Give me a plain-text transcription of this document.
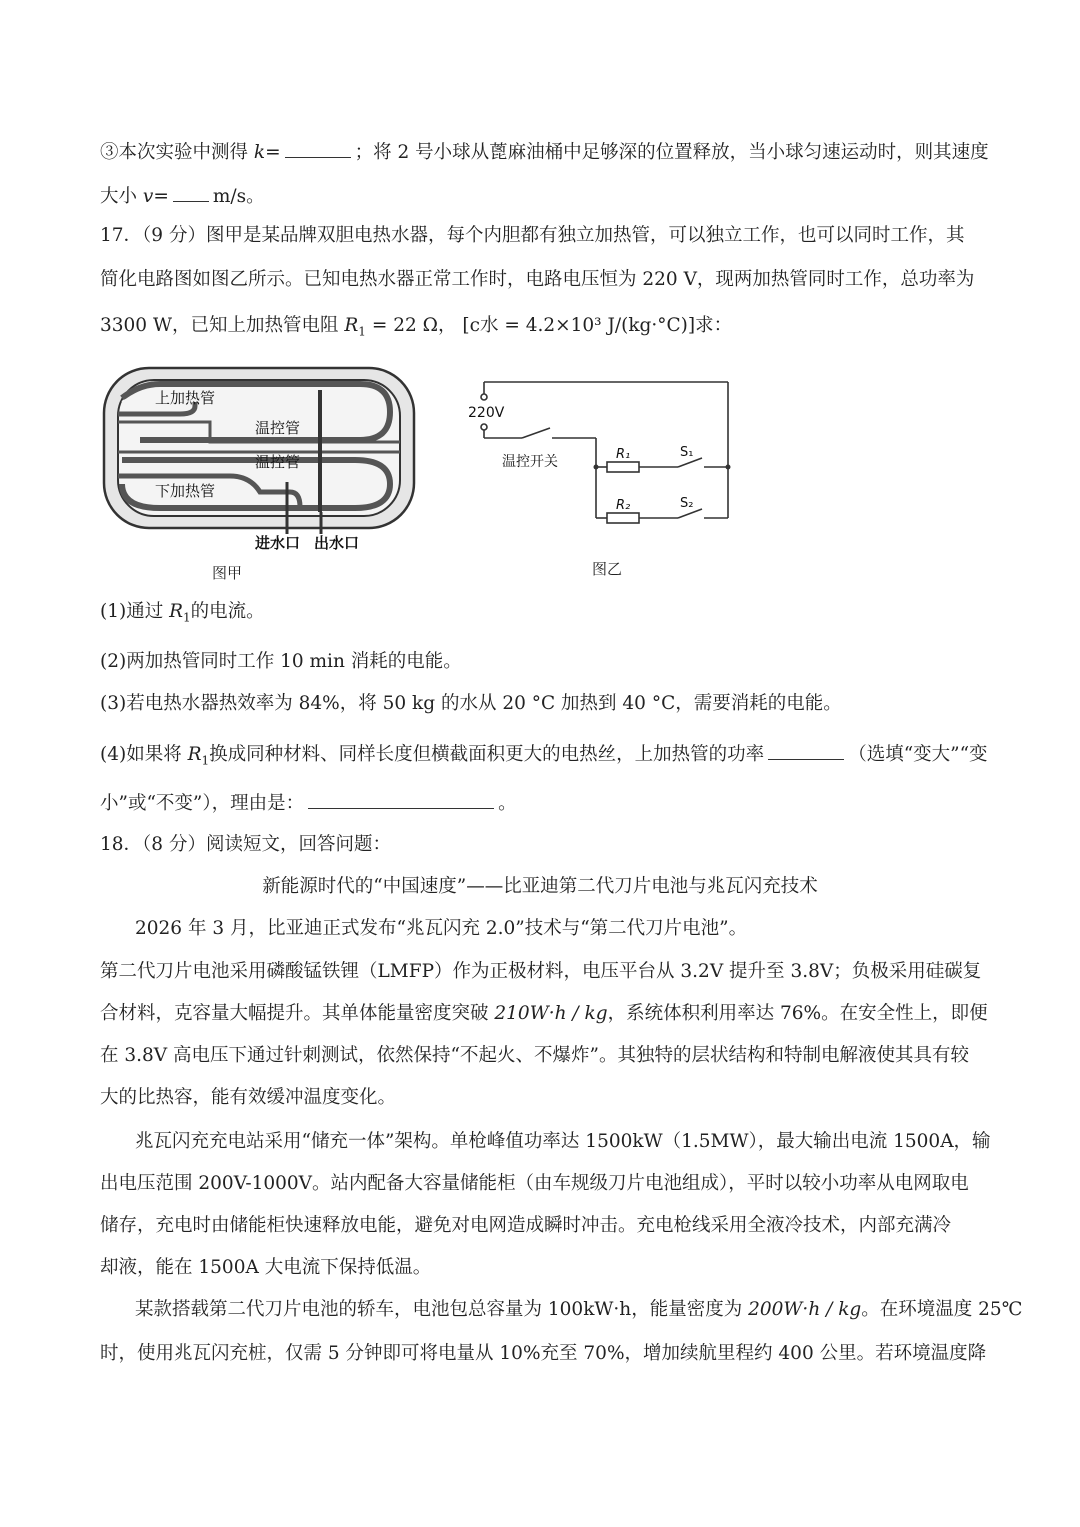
③本次实验中测得 k=	；将 2 号小球从蓖麻油桶中足够深的位置释放，当小球匀速运动时，则其速度
大小 v= m/s。
17．（9 分）图甲是某品牌双胆电热水器，每个内胆都有独立加热管，可以独立工作，也可以同时工作，其
简化电路图如图乙所示。已知电热水器正常工作时，电路电压恒为 220 V，现两加热管同时工作，总功率为
3300 W，已知上加热管电阻 $R_1 = 22$ Ω， [c水 = 4.2×10³ J/(kg·°C)]求：
上加热管
温控管
温控管
下加热管
进水口 出水口
图甲
220V
温控开关	R₁	S₁
R₂	S₂
图乙
(1)通过 $R_1$的电流。
(2)两加热管同时工作 10 min 消耗的电能。
(3)若电热水器热效率为 84%，将 50 kg 的水从 20 °C 加热到 40 °C，需要消耗的电能。
(4)如果将 $R_1$换成同种材料、同样长度但横截面积更大的电热丝，上加热管的功率	（选填“变大”“变
小”或“不变”），理由是：	。
18．（8 分）阅读短文，回答问题：
新能源时代的“中国速度”——比亚迪第二代刀片电池与兆瓦闪充技术
2026 年 3 月，比亚迪正式发布“兆瓦闪充 2.0”技术与“第二代刀片电池”。
第二代刀片电池采用磷酸锰铁锂（LMFP）作为正极材料，电压平台从 3.2V 提升至 3.8V；负极采用硅碳复
合材料，克容量大幅提升。其单体能量密度突破 210W·h / kg，系统体积利用率达 76%。在安全性上，即便
在 3.8V 高电压下通过针刺测试，依然保持“不起火、不爆炸”。其独特的层状结构和特制电解液使其具有较
大的比热容，能有效缓冲温度变化。
兆瓦闪充充电站采用“储充一体”架构。单枪峰值功率达 1500kW（1.5MW），最大输出电流 1500A，输
出电压范围 200V-1000V。站内配备大容量储能柜（由车规级刀片电池组成），平时以较小功率从电网取电
储存，充电时由储能柜快速释放电能，避免对电网造成瞬时冲击。充电枪线采用全液冷技术，内部充满冷
却液，能在 1500A 大电流下保持低温。
某款搭载第二代刀片电池的轿车，电池包总容量为 100kW·h，能量密度为 200W·h / kg。在环境温度 25℃
时，使用兆瓦闪充桩，仅需 5 分钟即可将电量从 10%充至 70%，增加续航里程约 400 公里。若环境温度降
